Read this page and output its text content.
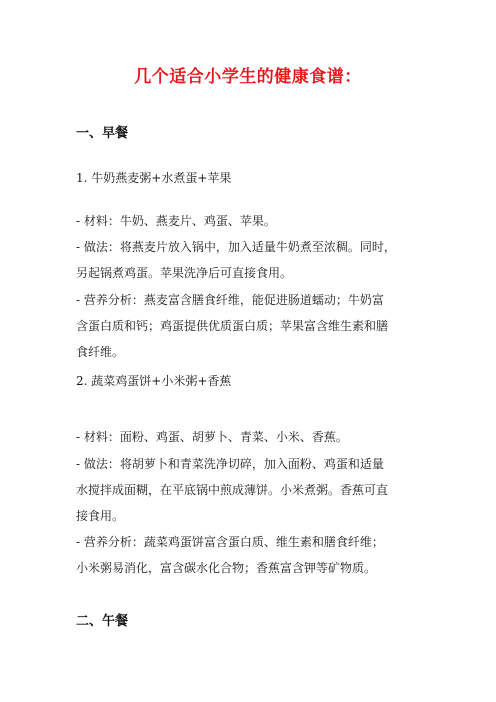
几个适合小学生的健康食谱：
一、早餐
1. 牛奶燕麦粥+水煮蛋+苹果
- 材料：牛奶、燕麦片、鸡蛋、苹果。
- 做法：将燕麦片放入锅中，加入适量牛奶煮至浓稠。同时，
另起锅煮鸡蛋。苹果洗净后可直接食用。
- 营养分析：燕麦富含膳食纤维，能促进肠道蠕动；牛奶富
含蛋白质和钙；鸡蛋提供优质蛋白质；苹果富含维生素和膳
食纤维。
2. 蔬菜鸡蛋饼+小米粥+香蕉
- 材料：面粉、鸡蛋、胡萝卜、青菜、小米、香蕉。
- 做法：将胡萝卜和青菜洗净切碎，加入面粉、鸡蛋和适量
水搅拌成面糊，在平底锅中煎成薄饼。小米煮粥。香蕉可直
接食用。
- 营养分析：蔬菜鸡蛋饼富含蛋白质、维生素和膳食纤维；
小米粥易消化，富含碳水化合物；香蕉富含钾等矿物质。
二、午餐
